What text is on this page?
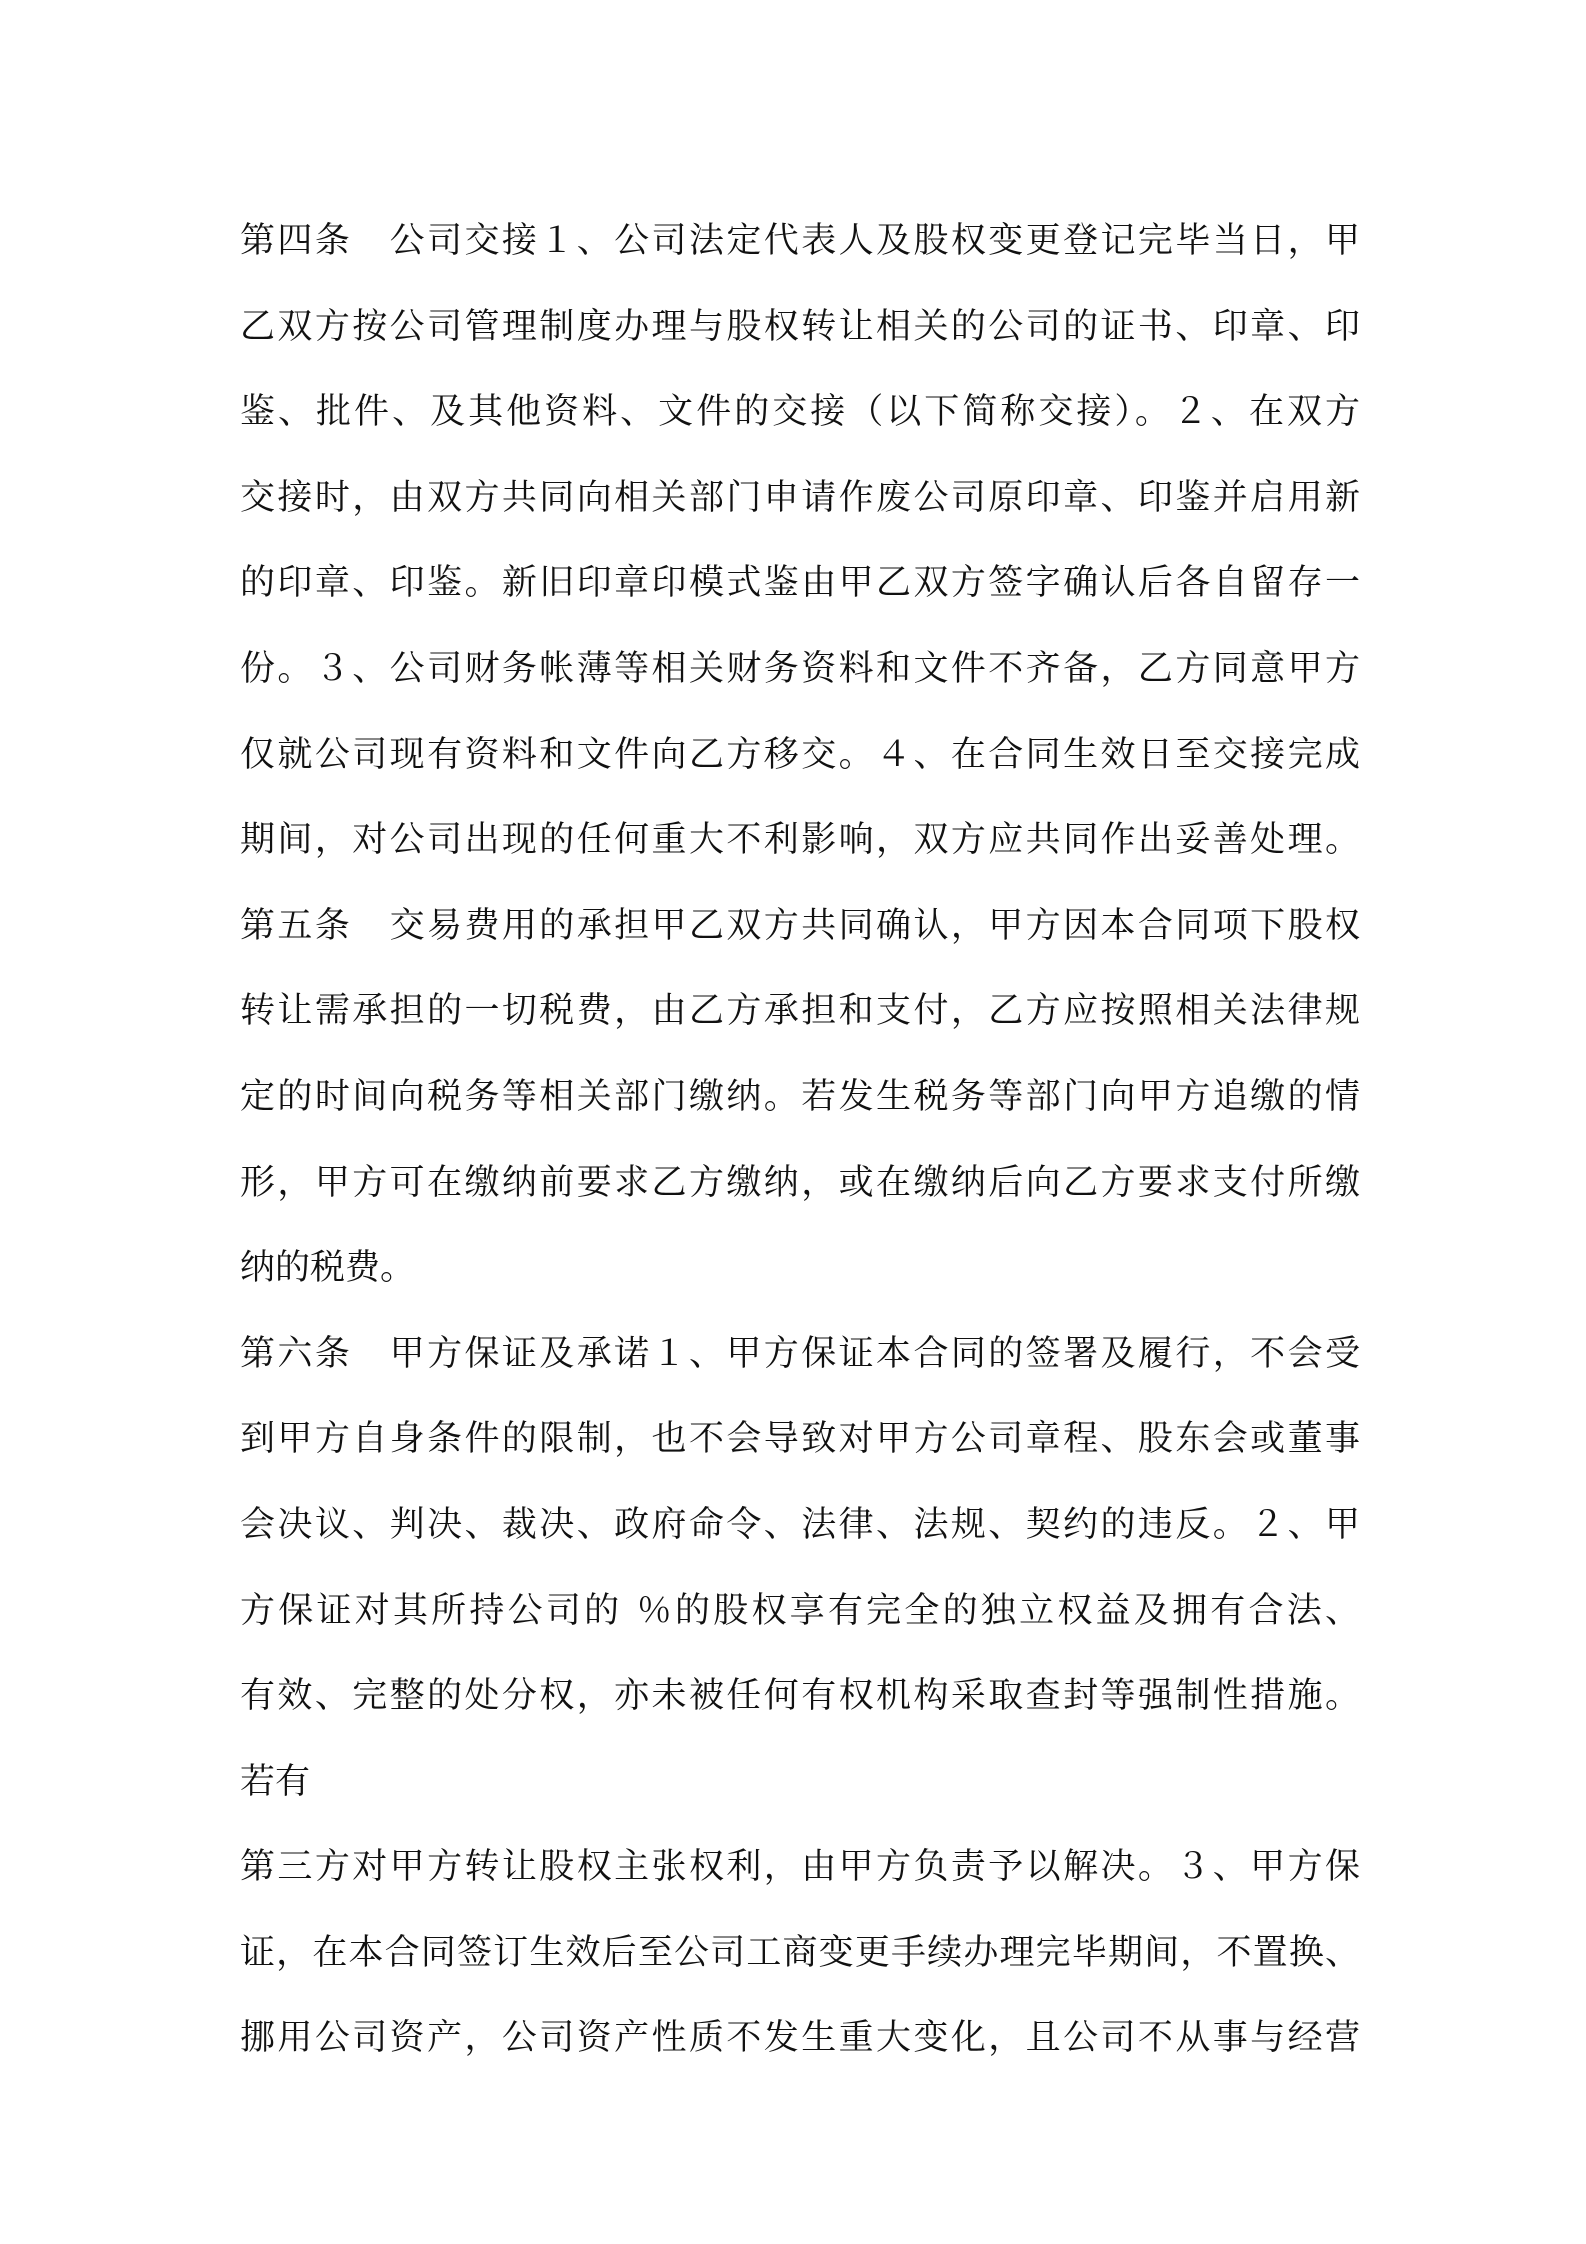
第四条　公司交接１、公司法定代表人及股权变更登记完毕当日，甲
乙双方按公司管理制度办理与股权转让相关的公司的证书、印章、印
鉴、批件、及其他资料、文件的交接（以下简称交接）。２、在双方
交接时，由双方共同向相关部门申请作废公司原印章、印鉴并启用新
的印章、印鉴。新旧印章印模式鉴由甲乙双方签字确认后各自留存一
份。３、公司财务帐薄等相关财务资料和文件不齐备，乙方同意甲方
仅就公司现有资料和文件向乙方移交。４、在合同生效日至交接完成
期间，对公司出现的任何重大不利影响，双方应共同作出妥善处理。
第五条　交易费用的承担甲乙双方共同确认，甲方因本合同项下股权
转让需承担的一切税费，由乙方承担和支付，乙方应按照相关法律规
定的时间向税务等相关部门缴纳。若发生税务等部门向甲方追缴的情
形，甲方可在缴纳前要求乙方缴纳，或在缴纳后向乙方要求支付所缴
纳的税费。
第六条　甲方保证及承诺１、甲方保证本合同的签署及履行，不会受
到甲方自身条件的限制，也不会导致对甲方公司章程、股东会或董事
会决议、判决、裁决、政府命令、法律、法规、契约的违反。２、甲
方保证对其所持公司的 ％的股权享有完全的独立权益及拥有合法、
有效、完整的处分权，亦未被任何有权机构采取查封等强制性措施。
若有
第三方对甲方转让股权主张权利，由甲方负责予以解决。３、甲方保
证，在本合同签订生效后至公司工商变更手续办理完毕期间，不置换、
挪用公司资产，公司资产性质不发生重大变化，且公司不从事与经营
